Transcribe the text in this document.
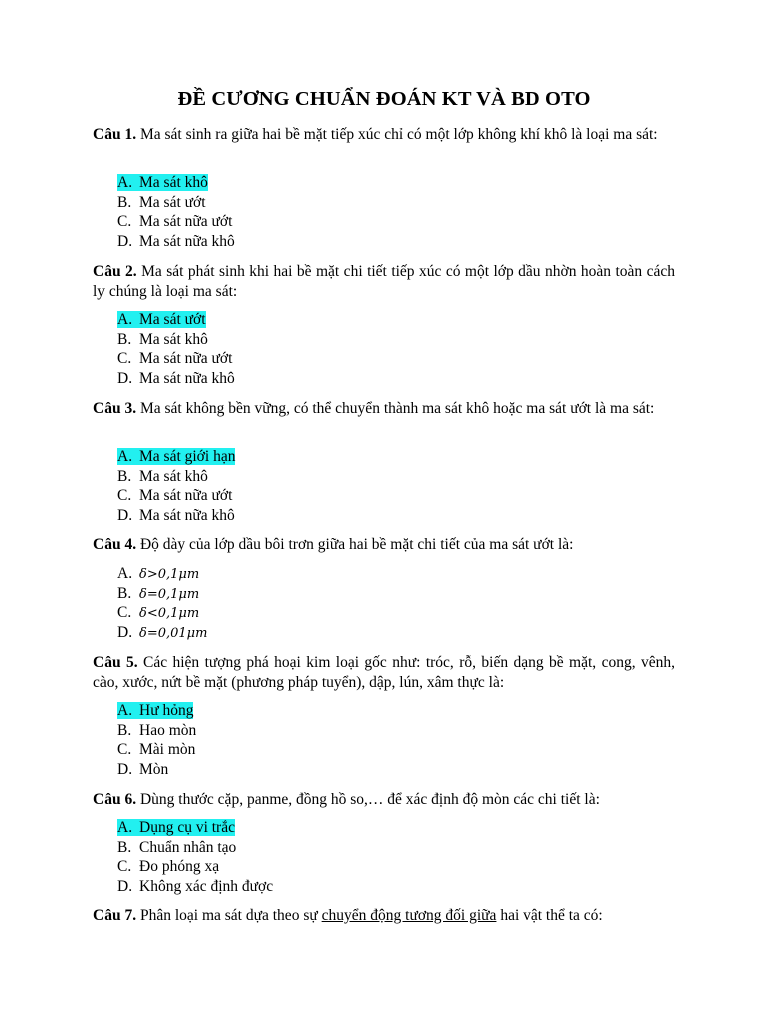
ĐỀ CƯƠNG CHUẨN ĐOÁN KT VÀ BD OTO
Câu 1. Ma sát sinh ra giữa hai bề mặt tiếp xúc chỉ có một lớp không khí khô là loại ma sát:
A. Ma sát khô
B. Ma sát ướt
C. Ma sát nữa ướt
D. Ma sát nữa khô
Câu 2. Ma sát phát sinh khi hai bề mặt chi tiết tiếp xúc có một lớp dầu nhờn hoàn toàn cách ly chúng là loại ma sát:
A. Ma sát ướt
B. Ma sát khô
C. Ma sát nữa ướt
D. Ma sát nữa khô
Câu 3. Ma sát không bền vững, có thể chuyển thành ma sát khô hoặc ma sát ướt là ma sát:
A. Ma sát giới hạn
B. Ma sát khô
C. Ma sát nữa ướt
D. Ma sát nữa khô
Câu 4. Độ dày của lớp dầu bôi trơn giữa hai bề mặt chi tiết của ma sát ướt là:
A. δ>0,1μm
B. δ=0,1μm
C. δ<0,1μm
D. δ=0,01μm
Câu 5. Các hiện tượng phá hoại kim loại gốc như: tróc, rỗ, biến dạng bề mặt, cong, vênh, cào, xước, nứt bề mặt (phương pháp tuyển), dập, lún, xâm thực là:
A. Hư hỏng
B. Hao mòn
C. Mài mòn
D. Mòn
Câu 6. Dùng thước cặp, panme, đồng hồ so,… để xác định độ mòn các chi tiết là:
A. Dụng cụ vi trắc
B. Chuẩn nhân tạo
C. Đo phóng xạ
D. Không xác định được
Câu 7. Phân loại ma sát dựa theo sự chuyển động tương đối giữa hai vật thể ta có:
